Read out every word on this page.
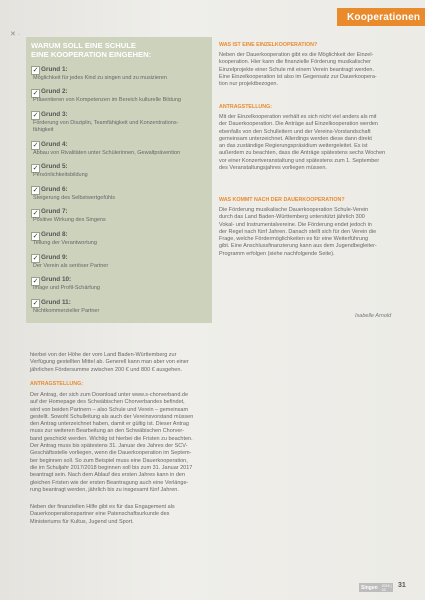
Kooperationen
✕ ·
WARUM SOLL EINE SCHULE
EINE KOOPERATION EINGEHEN:
✓ Grund 1:
Möglichkeit für jedes Kind zu singen und zu musizieren
✓ Grund 2:
Präsentieren von Kompetenzen im Bereich kulturelle Bildung
✓ Grund 3:
Förderung von Disziplin, Teamfähigkeit und Konzentrations-
fähigkeit
✓ Grund 4:
Abbau von Rivalitäten unter Schülerinnen, Gewaltprävention
✓ Grund 5:
Persönlichkeitsbildung
✓ Grund 6:
Steigerung des Selbstwertgefühls
✓ Grund 7:
Positive Wirkung des Singens
✓ Grund 8:
Teilung der Verantwortung
✓ Grund 9:
Der Verein als seriöser Partner
✓ Grund 10:
Image und Profil-Schärfung
✓ Grund 11:
Nichtkommerzieller Partner
WAS IST EINE EINZELKOOPERATION?
Neben der Dauerkooperation gibt es die Möglichkeit der Einzel-
kooperation. Hier kann die finanzielle Förderung musikalischer
Einzelprojekte einer Schule mit einem Verein beantragt werden.
Eine Einzelkooperation ist also im Gegensatz zur Dauerkoopera-
tion nur projektbezogen.
ANTRAGSTELLUNG:
Mit der Einzelkooperation verhält es sich nicht viel anders als mit
der Dauerkooperation. Die Anträge auf Einzelkooperation werden
ebenfalls von den Schulleitern und der Vereins-Vorstandschaft
gemeinsam unterzeichnet. Allerdings werden diese dann direkt
an das zuständige Regierungspräsidium weitergeleitet. Es ist
außerdem zu beachten, dass die Anträge spätestens sechs Wochen
vor einer Konzertveranstaltung und spätestens zum 1. September
des Veranstaltungsjahres vorliegen müssen.
WAS KOMMT NACH DER DAUERKOOPERATION?
Die Förderung musikalische Dauerkooperation Schule-Verein
durch das Land Baden-Württemberg unterstützt jährlich 300
Vokal- und Instrumentalvereine. Die Förderung endet jedoch in
der Regel nach fünf Jahren. Danach stellt sich für den Verein die
Frage, welche Fördermöglichkeiten es für eine Weiterführung
gibt. Eine Anschlussfinanzierung kann aus dem Jugendbegleiter-
Programm erfolgen (siehe nachfolgende Seite).
Isabelle Arnold
hierbei von der Höhe der vom Land Baden-Württemberg zur
Verfügung gestellten Mittel ab. Generell kann man aber von einer
jährlichen Fördersumme zwischen 200 € und 800 € ausgehen.
ANTRAGSTELLUNG:
Der Antrag, der sich zum Download unter www.s-chorverband.de
auf der Homepage des Schwäbischen Chorverbandes befindet,
wird von beiden Partnern – also Schule und Verein – gemeinsam
gestellt. Sowohl Schulleitung als auch der Vereinsvorstand müssen
den Antrag unterzeichnet haben, damit er gültig ist. Dieser Antrag
muss zur weiteren Bearbeitung an den Schwäbischen Chorver-
band geschickt werden. Wichtig ist hierbei die Fristen zu beachten.
Der Antrag muss bis spätestens 31. Januar des Jahres der SCV-
Geschäftsstelle vorliegen, wenn die Dauerkooperation im Septem-
ber beginnen soll. So zum Beispiel muss eine Dauerkooperation,
die im Schuljahr 2017/2018 beginnen soll bis zum 31. Januar 2017
beantragt sein. Nach dem Ablauf des ersten Jahres kann in den
gleichen Fristen wie der ersten Beantragung auch eine Verlänge-
rung beantragt werden, jährlich bis zu insgesamt fünf Jahren.
Neben der finanziellen Hilfe gibt es für das Engagement als
Dauerkooperationspartner eine Patenschaftsurkunde des
Ministeriums für Kultus, Jugend und Sport.
Singen 2016 | 03
31
